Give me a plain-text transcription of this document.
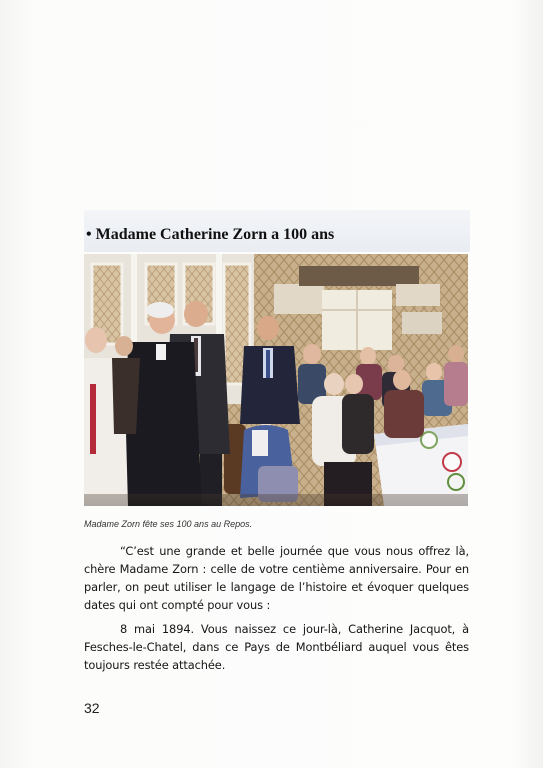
• Madame Catherine Zorn a 100 ans
Madame Zorn fête ses 100 ans au Repos.

“C’est une grande et belle journée que vous nous offrez là, chère Madame Zorn : celle de votre centième anniversaire. Pour en parler, on peut utiliser le langage de l’histoire et évoquer quelques dates qui ont compté pour vous :

8 mai 1894. Vous naissez ce jour-là, Catherine Jacquot, à Fesches-le-Chatel, dans ce Pays de Montbéliard auquel vous êtes toujours restée attachée.

32
